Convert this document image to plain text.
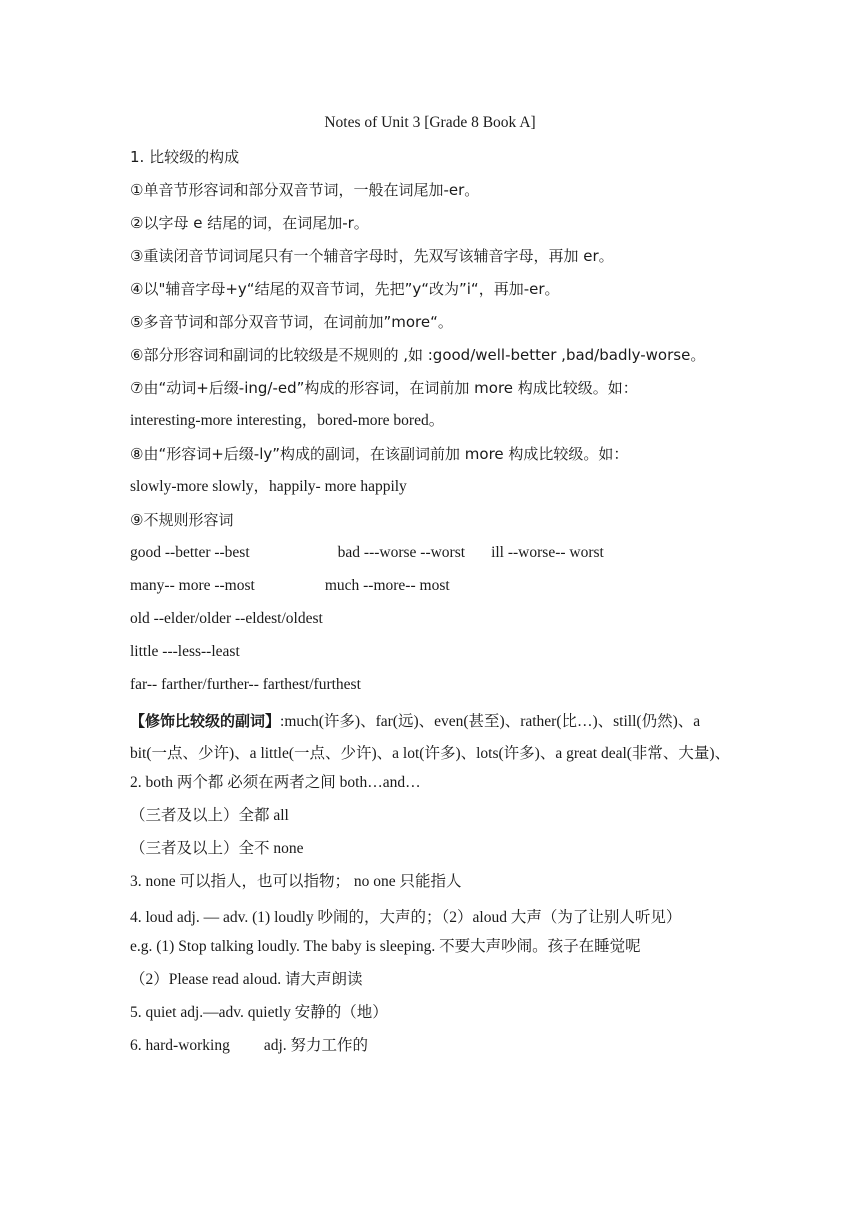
Notes of Unit 3 [Grade 8 Book A]
1. 比较级的构成
①单音节形容词和部分双音节词，一般在词尾加-er。
②以字母 e 结尾的词，在词尾加-r。
③重读闭音节词词尾只有一个辅音字母时，先双写该辅音字母，再加 er。
④以"辅音字母+y“结尾的双音节词，先把”y“改为”i“，再加-er。
⑤多音节词和部分双音节词，在词前加”more“。
⑥部分形容词和副词的比较级是不规则的 ,如 :good/well-better ,bad/badly-worse。
⑦由“动词+后缀-ing/-ed”构成的形容词，在词前加 more 构成比较级。如：
interesting-more interesting，bored-more bored。
⑧由“形容词+后缀-ly”构成的副词，在该副词前加 more 构成比较级。如：
slowly-more slowly，happily- more happily
⑨不规则形容词
good --better --best	bad ---worse --worst ill --worse-- worst
many-- more --most	much --more-- most
old --elder/older --eldest/oldest
little ---less--least
far-- farther/further-- farthest/furthest
【修饰比较级的副词】:much(许多)、far(远)、even(甚至)、rather(比…)、still(仍然)、a bit(一点、少许)、a little(一点、少许)、a lot(许多)、lots(许多)、a great deal(非常、大量)、
2. both 两个都 必须在两者之间 both…and…
（三者及以上）全都 all
（三者及以上）全不 none
3. none 可以指人，也可以指物； no one 只能指人
4. loud adj. — adv. (1) loudly 吵闹的，大声的；（2）aloud 大声（为了让别人听见）
e.g. (1) Stop talking loudly. The baby is sleeping. 不要大声吵闹。孩子在睡觉呢
（2）Please read aloud. 请大声朗读
5. quiet adj.—adv. quietly 安静的（地）
6. hard-working adj. 努力工作的
